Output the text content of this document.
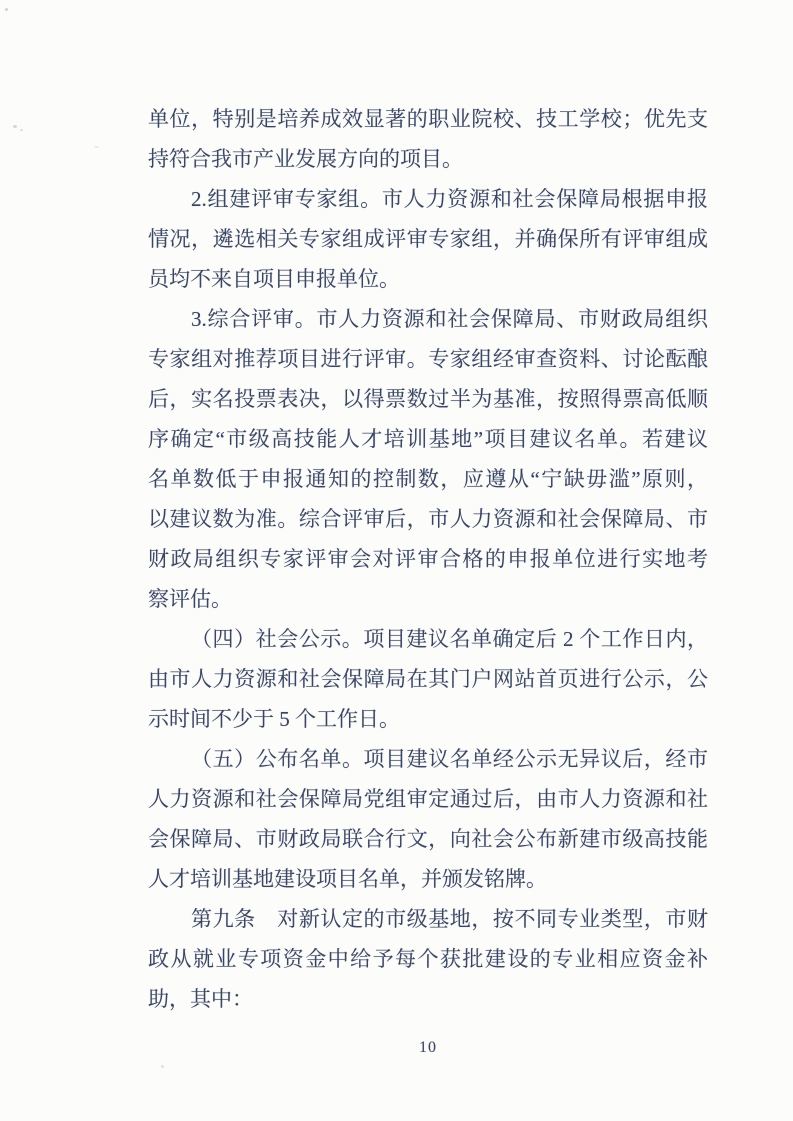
单位，特别是培养成效显著的职业院校、技工学校；优先支
持符合我市产业发展方向的项目。
2.组建评审专家组。市人力资源和社会保障局根据申报
情况，遴选相关专家组成评审专家组，并确保所有评审组成
员均不来自项目申报单位。
3.综合评审。市人力资源和社会保障局、市财政局组织
专家组对推荐项目进行评审。专家组经审查资料、讨论酝酿
后，实名投票表决，以得票数过半为基准，按照得票高低顺
序确定“市级高技能人才培训基地”项目建议名单。若建议
名单数低于申报通知的控制数，应遵从“宁缺毋滥”原则，
以建议数为准。综合评审后，市人力资源和社会保障局、市
财政局组织专家评审会对评审合格的申报单位进行实地考
察评估。
（四）社会公示。项目建议名单确定后 2 个工作日内，
由市人力资源和社会保障局在其门户网站首页进行公示，公
示时间不少于 5 个工作日。
（五）公布名单。项目建议名单经公示无异议后，经市
人力资源和社会保障局党组审定通过后，由市人力资源和社
会保障局、市财政局联合行文，向社会公布新建市级高技能
人才培训基地建设项目名单，并颁发铭牌。
第九条　对新认定的市级基地，按不同专业类型，市财
政从就业专项资金中给予每个获批建设的专业相应资金补
助，其中：
10
